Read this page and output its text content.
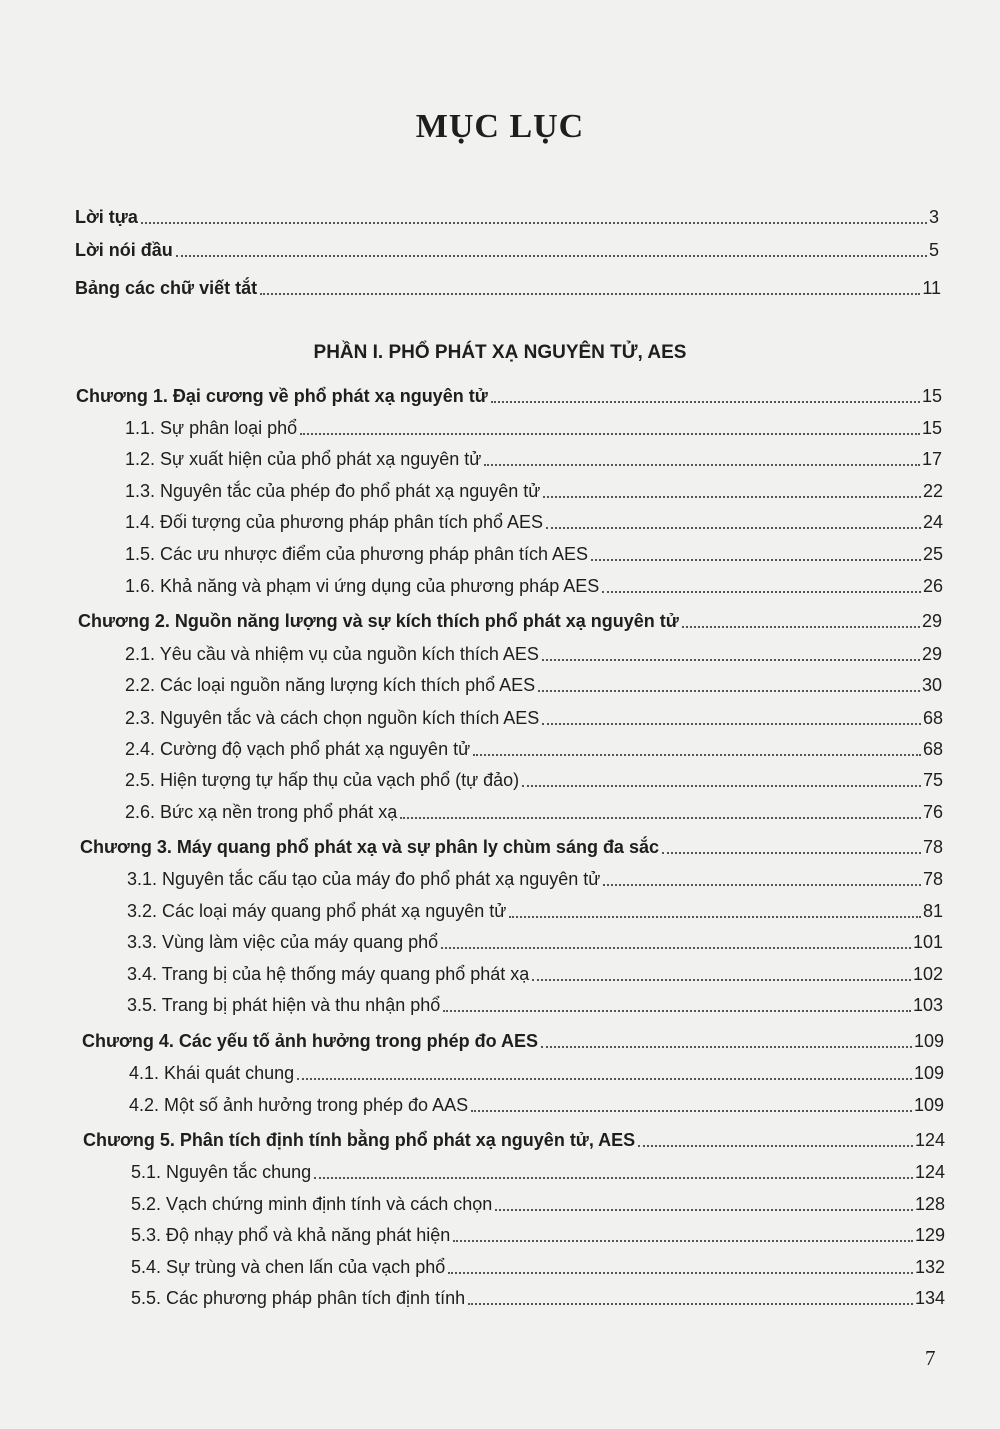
MỤC LỤC
Lời tựa	3
Lời nói đầu	5
Bảng các chữ viết tắt	11
PHẦN I. PHỔ PHÁT XẠ NGUYÊN TỬ, AES
Chương 1. Đại cương về phổ phát xạ nguyên tử	15
1.1. Sự phân loại phổ	15
1.2. Sự xuất hiện của phổ phát xạ nguyên tử	17
1.3. Nguyên tắc của phép đo phổ phát xạ nguyên tử	22
1.4. Đối tượng của phương pháp phân tích phổ AES	24
1.5. Các ưu nhược điểm của phương pháp phân tích AES	25
1.6. Khả năng và phạm vi ứng dụng của phương pháp AES	26
Chương 2. Nguồn năng lượng và sự kích thích phổ phát xạ nguyên tử	29
2.1. Yêu cầu và nhiệm vụ của nguồn kích thích AES	29
2.2. Các loại nguồn năng lượng kích thích phổ AES	30
2.3. Nguyên tắc và cách chọn nguồn kích thích AES	68
2.4. Cường độ vạch phổ phát xạ nguyên tử	68
2.5. Hiện tượng tự hấp thụ của vạch phổ (tự đảo)	75
2.6. Bức xạ nền trong phổ phát xạ	76
Chương 3. Máy quang phổ phát xạ và sự phân ly chùm sáng đa sắc	78
3.1. Nguyên tắc cấu tạo của máy đo phổ phát xạ nguyên tử	78
3.2. Các loại máy quang phổ phát xạ nguyên tử	81
3.3. Vùng làm việc của máy quang phổ	101
3.4. Trang bị của hệ thống máy quang phổ phát xạ	102
3.5. Trang bị phát hiện và thu nhận phổ	103
Chương 4. Các yếu tố ảnh hưởng trong phép đo AES	109
4.1. Khái quát chung	109
4.2. Một số ảnh hưởng trong phép đo AAS	109
Chương 5. Phân tích định tính bằng phổ phát xạ nguyên tử, AES	124
5.1. Nguyên tắc chung	124
5.2. Vạch chứng minh định tính và cách chọn	128
5.3. Độ nhạy phổ và khả năng phát hiện	129
5.4. Sự trùng và chen lấn của vạch phổ	132
5.5. Các phương pháp phân tích định tính	134
7
